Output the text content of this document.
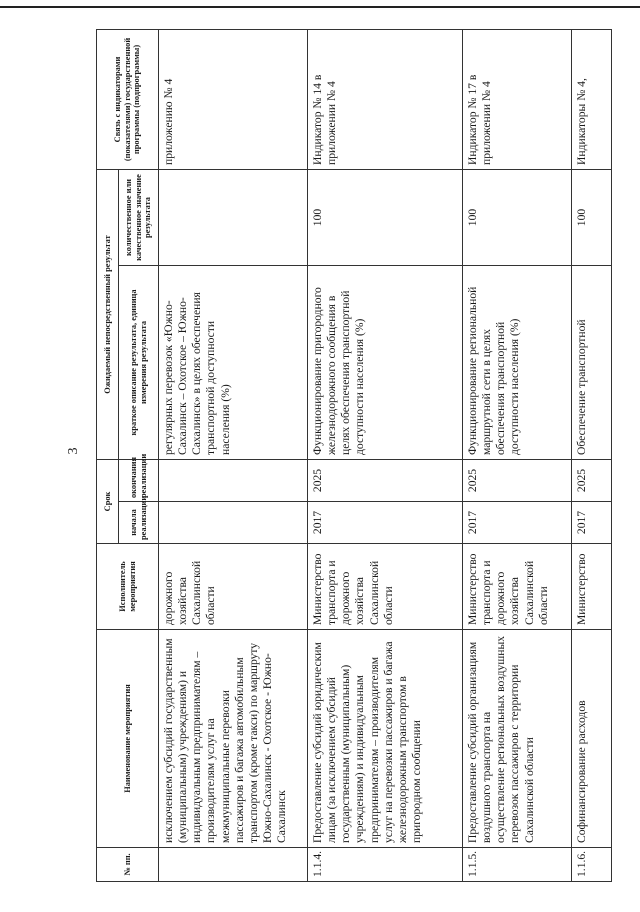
3
№ пп.	Наименование мероприятия	Исполнитель мероприятия	Срок		Ожидаемый непосредственный результат		Связь с индикаторами (показателями) государственной программы (подпрограммы)
			начала реализации	окончания реализации	краткое описание результата, единица измерения результата	количественное или качественное значение результата	
	исключением субсидий государственным (муниципальным) учреждениям) и индивидуальным предпринимателям – производителям услуг на межмуниципальные перевозки пассажиров и багажа автомобильным транспортом (кроме такси) по маршруту Южно-Сахалинск - Охотское - Южно-Сахалинск	дорожного хозяйства Сахалинской области			регулярных перевозок «Южно-Сахалинск – Охотское – Южно-Сахалинск» в целях обеспечения транспортной доступности населения (%)		приложению № 4
1.1.4.	Предоставление субсидий юридическим лицам (за исключением субсидий государственным (муниципальным) учреждениям) и индивидуальным предпринимателям – производителям услуг на перевозки пассажиров и багажа железнодорожным транспортом в пригородном сообщении	Министерство транспорта и дорожного хозяйства Сахалинской области	2017	2025	Функционирование пригородного железнодорожного сообщения в целях обеспечения транспортной доступности населения (%)	100	Индикатор № 14 в приложении № 4
1.1.5.	Предоставление субсидий организациям воздушного транспорта на осуществление региональных воздушных перевозок пассажиров с территории Сахалинской области	Министерство транспорта и дорожного хозяйства Сахалинской области	2017	2025	Функционирование региональной маршрутной сети в целях обеспечения транспортной доступности населения (%)	100	Индикатор № 17 в приложении № 4
1.1.6.	Софинансирование расходов	Министерство	2017	2025	Обеспечение транспортной	100	Индикаторы № 4,
